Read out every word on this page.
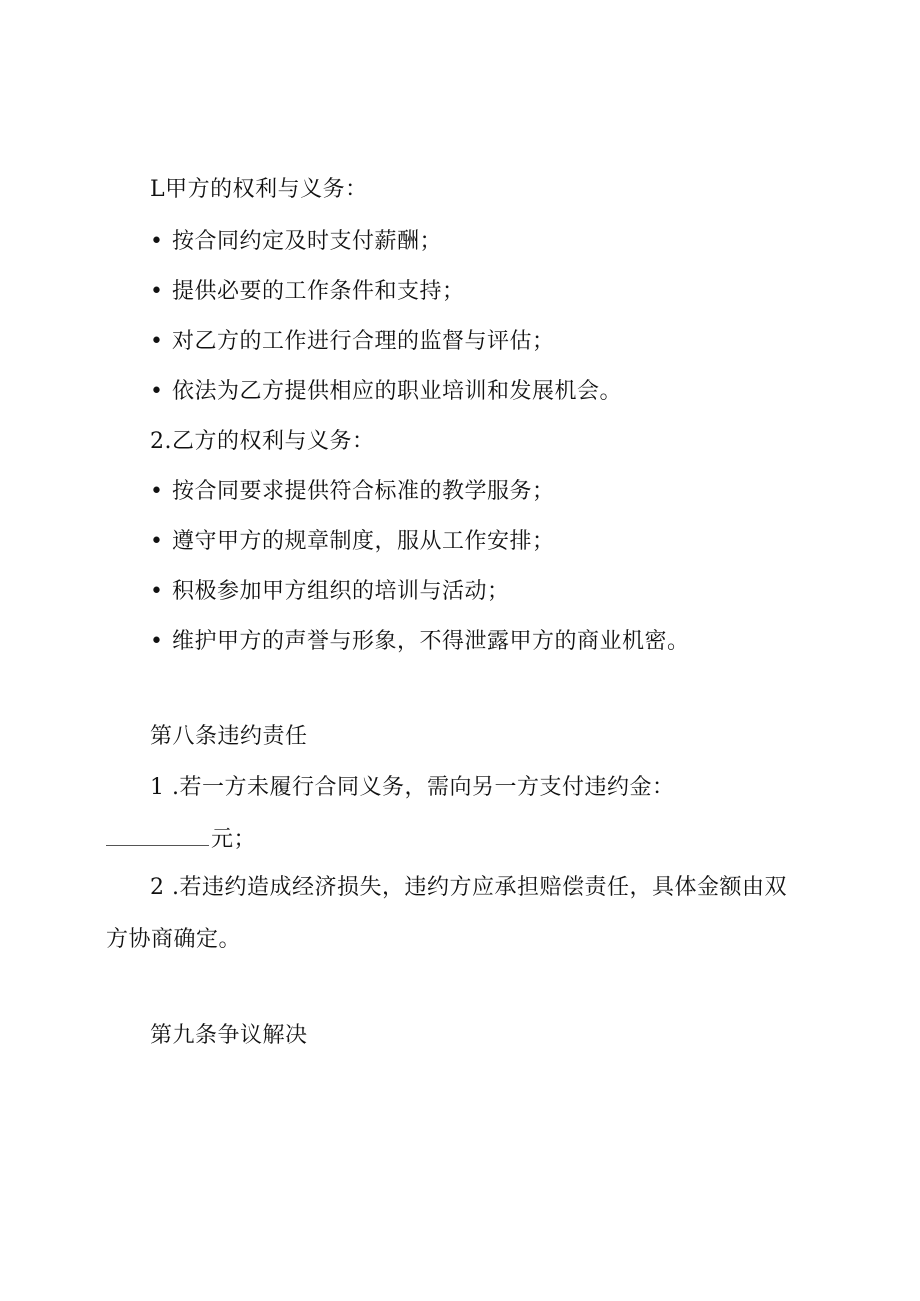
L甲方的权利与义务：
• 按合同约定及时支付薪酬；
• 提供必要的工作条件和支持；
• 对乙方的工作进行合理的监督与评估；
• 依法为乙方提供相应的职业培训和发展机会。
2.乙方的权利与义务：
• 按合同要求提供符合标准的教学服务；
• 遵守甲方的规章制度，服从工作安排；
• 积极参加甲方组织的培训与活动；
• 维护甲方的声誉与形象，不得泄露甲方的商业机密。
第八条违约责任
1 .若一方未履行合同义务，需向另一方支付违约金：
元；
2 .若违约造成经济损失，违约方应承担赔偿责任，具体金额由双
方协商确定。
第九条争议解决
